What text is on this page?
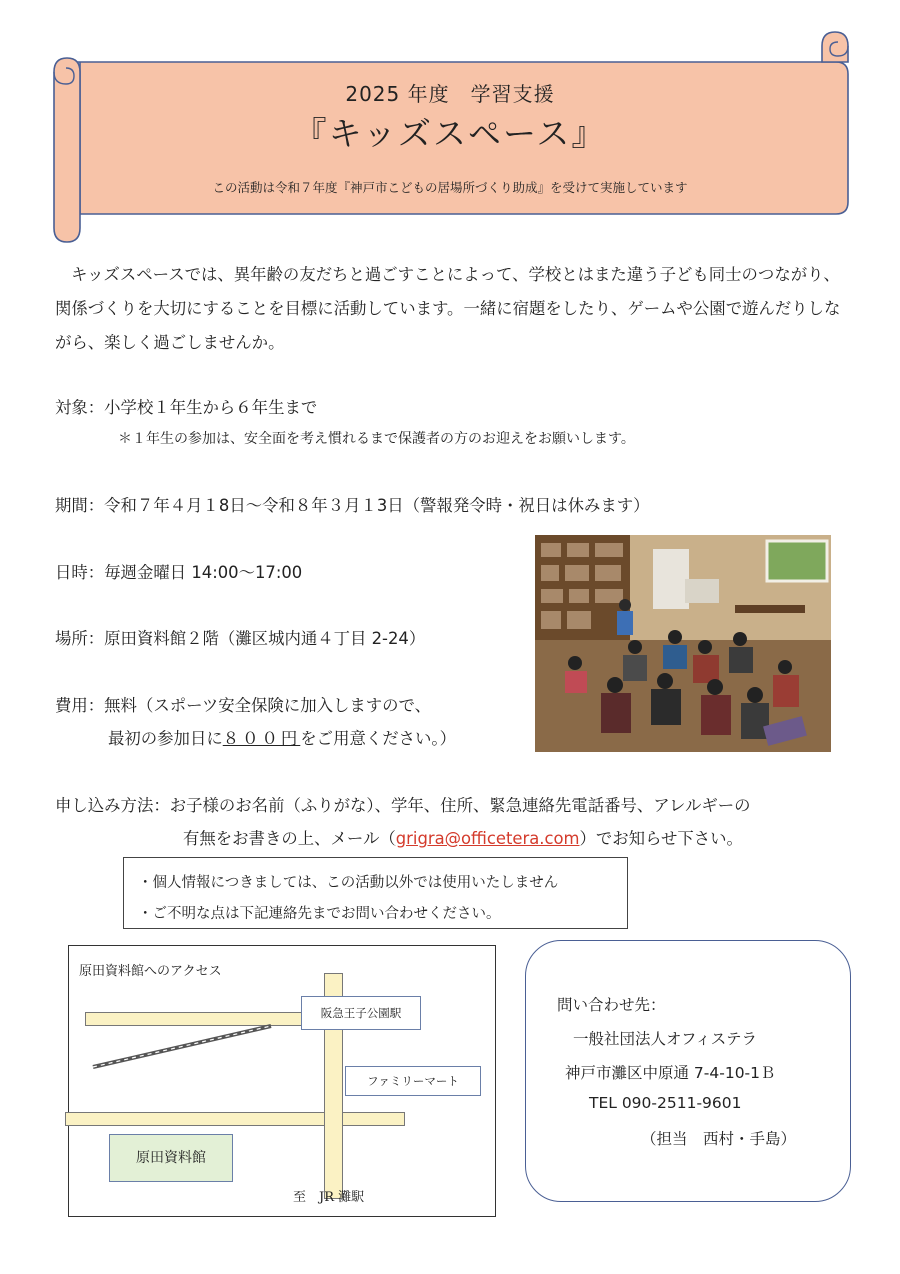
2025 年度　学習支援
『キッズスペース』
この活動は令和７年度『神戸市こどもの居場所づくり助成』を受けて実施しています
キッズスペースでは、異年齢の友だちと過ごすことによって、学校とはまた違う子ども同士のつながり、関係づくりを大切にすることを目標に活動しています。一緒に宿題をしたり、ゲームや公園で遊んだりしながら、楽しく過ごしませんか。
対象：小学校１年生から６年生まで
＊１年生の参加は、安全面を考え慣れるまで保護者の方のお迎えをお願いします。
期間：令和７年４月１8日～令和８年３月１3日（警報発令時・祝日は休みます）
日時：毎週金曜日 14:00～17:00
場所：原田資料館２階（灘区城内通４丁目 2-24）
費用：無料（スポーツ安全保険に加入しますので、
最初の参加日に８００円をご用意ください。）
申し込み方法：お子様のお名前（ふりがな）、学年、住所、緊急連絡先電話番号、アレルギーの
有無をお書きの上、メール（grigra@officetera.com）でお知らせ下さい。
・個人情報につきましては、この活動以外では使用いたしません
・ご不明な点は下記連絡先までお問い合わせください。
原田資料館へのアクセス
阪急王子公園駅
ファミリーマート
原田資料館
至　JR 灘駅
問い合わせ先：
一般社団法人オフィステラ
神戸市灘区中原通 7-4-10-1Ｂ
TEL 090-2511-9601
（担当　西村・手島）
